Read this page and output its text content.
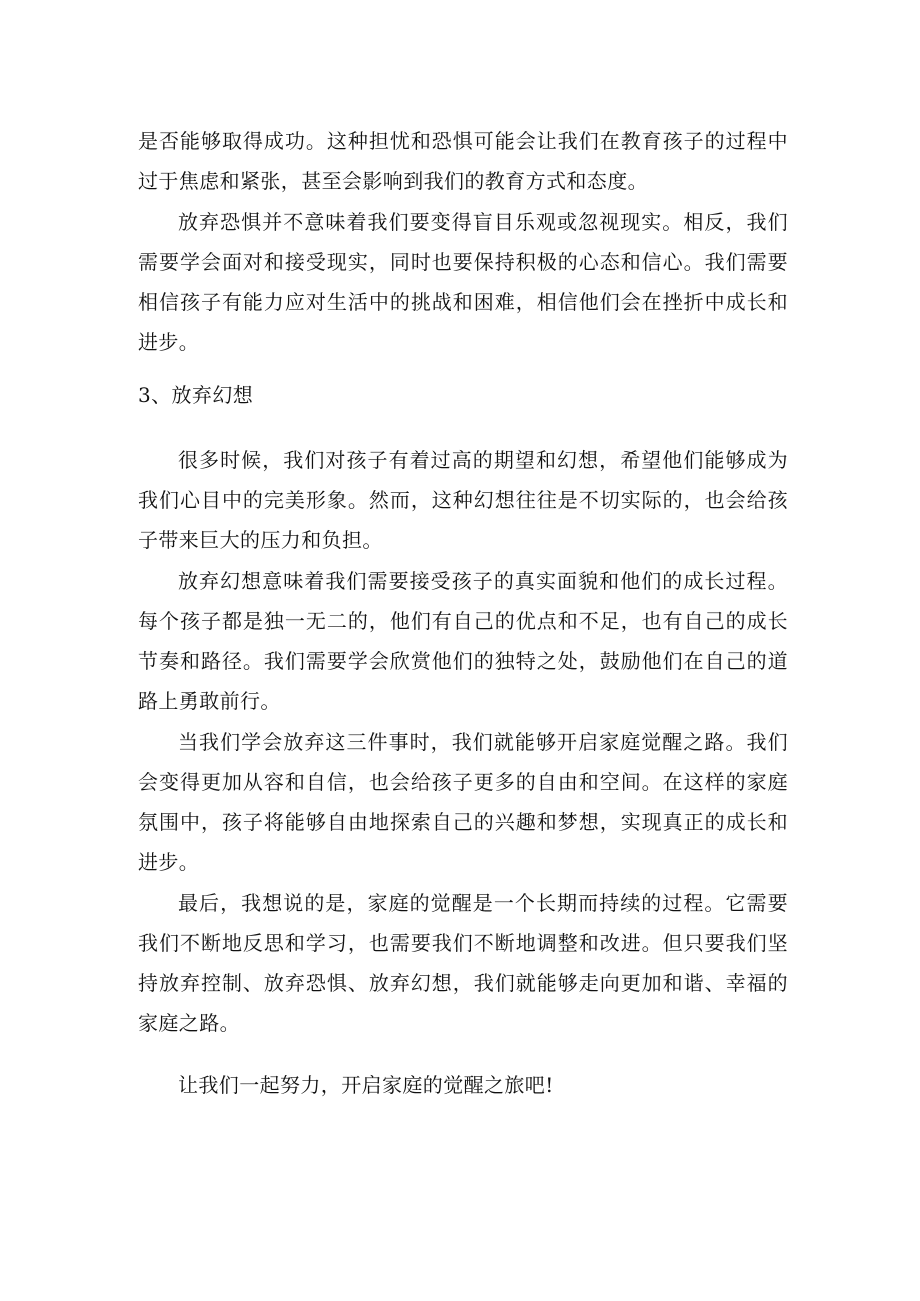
是否能够取得成功。这种担忧和恐惧可能会让我们在教育孩子的过程中过于焦虑和紧张，甚至会影响到我们的教育方式和态度。

放弃恐惧并不意味着我们要变得盲目乐观或忽视现实。相反，我们需要学会面对和接受现实，同时也要保持积极的心态和信心。我们需要相信孩子有能力应对生活中的挑战和困难，相信他们会在挫折中成长和进步。

3、放弃幻想

很多时候，我们对孩子有着过高的期望和幻想，希望他们能够成为我们心目中的完美形象。然而，这种幻想往往是不切实际的，也会给孩子带来巨大的压力和负担。

放弃幻想意味着我们需要接受孩子的真实面貌和他们的成长过程。每个孩子都是独一无二的，他们有自己的优点和不足，也有自己的成长节奏和路径。我们需要学会欣赏他们的独特之处，鼓励他们在自己的道路上勇敢前行。

当我们学会放弃这三件事时，我们就能够开启家庭觉醒之路。我们会变得更加从容和自信，也会给孩子更多的自由和空间。在这样的家庭氛围中，孩子将能够自由地探索自己的兴趣和梦想，实现真正的成长和进步。

最后，我想说的是，家庭的觉醒是一个长期而持续的过程。它需要我们不断地反思和学习，也需要我们不断地调整和改进。但只要我们坚持放弃控制、放弃恐惧、放弃幻想，我们就能够走向更加和谐、幸福的家庭之路。

让我们一起努力，开启家庭的觉醒之旅吧!
